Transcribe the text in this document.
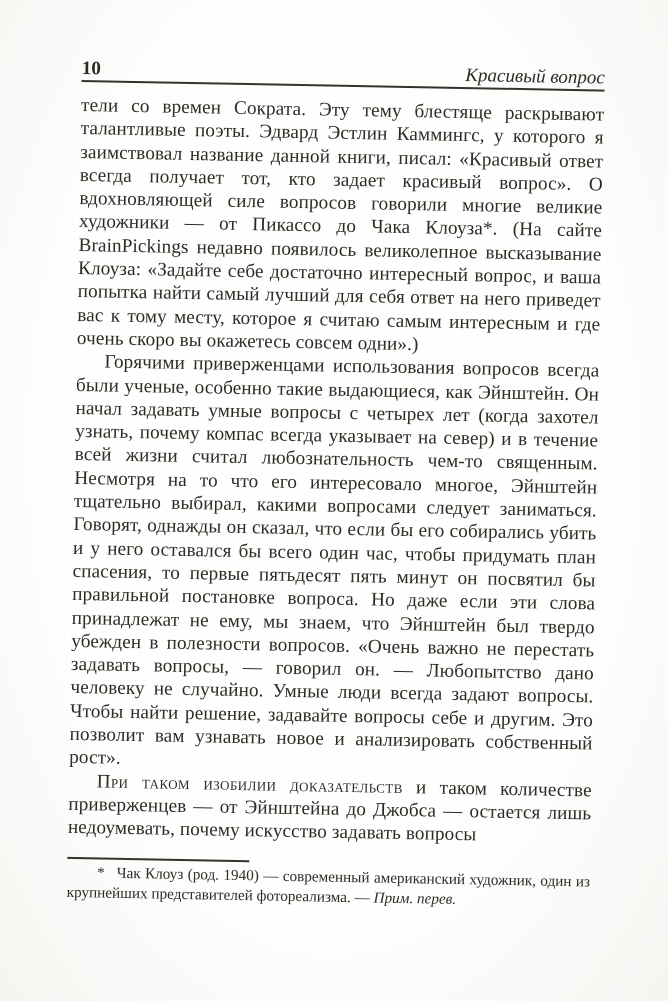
10	Красивый вопрос

тели со времен Сократа. Эту тему блестяще раскрывают талантливые поэты. Эдвард Эстлин Каммингс, у которого я заимствовал название данной книги, писал: «Красивый ответ всегда получает тот, кто задает красивый вопрос». О вдохновляющей силе вопросов говорили многие великие художники — от Пикассо до Чака Клоуза*. (На сайте BrainPickings недавно появилось великолепное высказывание Клоуза: «Задайте себе достаточно интересный вопрос, и ваша попытка найти самый лучший для себя ответ на него приведет вас к тому месту, которое я считаю самым интересным и где очень скоро вы окажетесь совсем одни».)

Горячими приверженцами использования вопросов всегда были ученые, особенно такие выдающиеся, как Эйнштейн. Он начал задавать умные вопросы с четырех лет (когда захотел узнать, почему компас всегда указывает на север) и в течение всей жизни считал любознательность чем-то священным. Несмотря на то что его интересовало многое, Эйнштейн тщательно выбирал, какими вопросами следует заниматься. Говорят, однажды он сказал, что если бы его собирались убить и у него оставался бы всего один час, чтобы придумать план спасения, то первые пятьдесят пять минут он посвятил бы правильной постановке вопроса. Но даже если эти слова принадлежат не ему, мы знаем, что Эйнштейн был твердо убежден в полезности вопросов. «Очень важно не перестать задавать вопросы, — говорил он. — Любопытство дано человеку не случайно. Умные люди всегда задают вопросы. Чтобы найти решение, задавайте вопросы себе и другим. Это позволит вам узнавать новое и анализировать собственный рост».

При таком изобилии доказательств и таком количестве приверженцев — от Эйнштейна до Джобса — остается лишь недоумевать, почему искусство задавать вопросы

* Чак Клоуз (род. 1940) — современный американский художник, один из крупнейших представителей фотореализма. — Прим. перев.
